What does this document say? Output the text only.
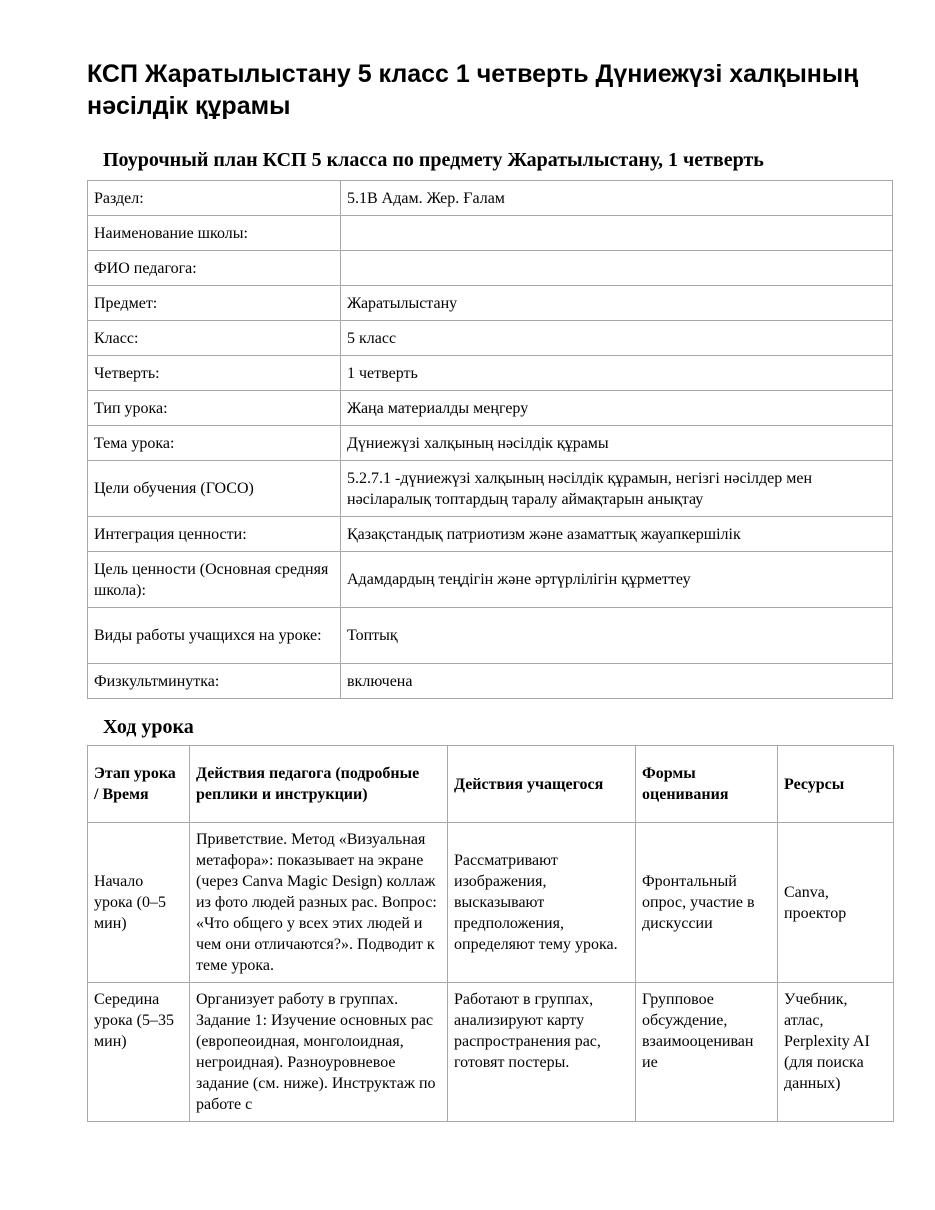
КСП Жаратылыстану 5 класс 1 четверть Дүниежүзі халқының нәсілдік құрамы
Поурочный план КСП 5 класса по предмету Жаратылыстану, 1 четверть
Раздел:	5.1В Адам. Жер. Ғалам
Наименование школы:	
ФИО педагога:	
Предмет:	Жаратылыстану
Класс:	5 класс
Четверть:	1 четверть
Тип урока:	Жаңа материалды меңгеру
Тема урока:	Дүниежүзі халқының нәсілдік құрамы
Цели обучения (ГОСО)	5.2.7.1 -дүниежүзі халқының нәсілдік құрамын, негізгі нәсілдер мен нәсіларалық топтардың таралу аймақтарын анықтау
Интеграция ценности:	Қазақстандық патриотизм және азаматтық жауапкершілік
Цель ценности (Основная средняя школа):	Адамдардың теңдігін және әртүрлілігін құрметтеу
Виды работы учащихся на уроке:	Топтық
Физкультминутка:	включена
Ход урока
Этап урока / Время	Действия педагога (подробные реплики и инструкции)	Действия учащегося	Формы оценивания	Ресурсы
Начало урока (0–5 мин)	Приветствие. Метод «Визуальная метафора»: показывает на экране (через Canva Magic Design) коллаж из фото людей разных рас. Вопрос: «Что общего у всех этих людей и чем они отличаются?». Подводит к теме урока.	Рассматривают изображения, высказывают предположения, определяют тему урока.	Фронтальный опрос, участие в дискуссии	Canva, проектор
Середина урока (5–35 мин)	Организует работу в группах. Задание 1: Изучение основных рас (европеоидная, монголоидная, негроидная). Разноуровневое задание (см. ниже). Инструктаж по работе с	Работают в группах, анализируют карту распространения рас, готовят постеры.	Групповое обсуждение, взаимооцениван ие	Учебник, атлас, Perplexity AI (для поиска данных)
